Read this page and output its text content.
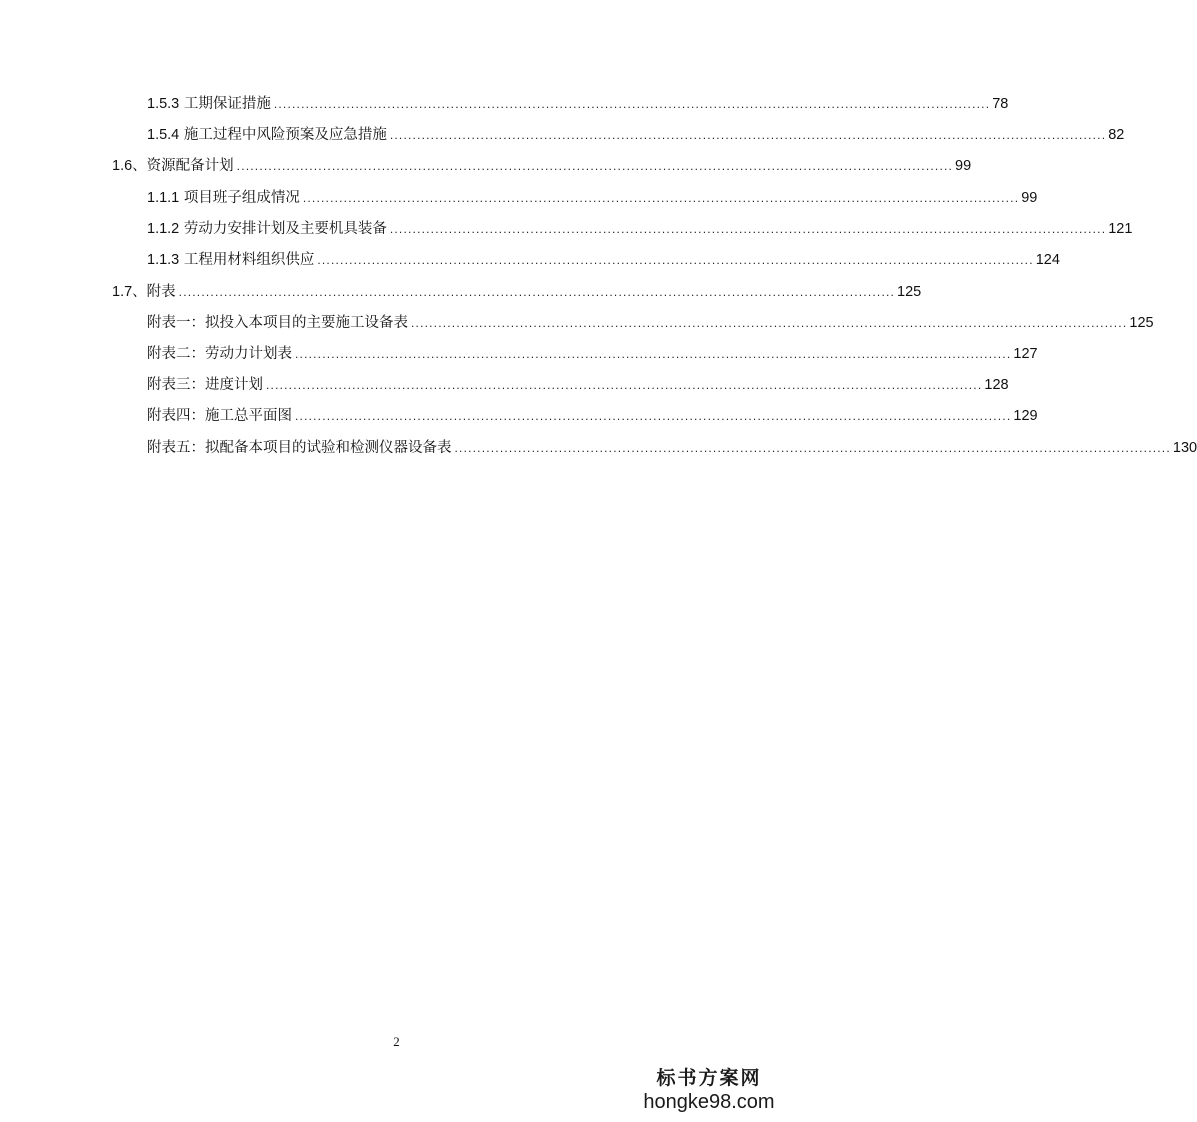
1.5.3 工期保证措施 .............................................................................................................................................................. 78
1.5.4 施工过程中风险预案及应急措施 .............................................................................................................................................................. 82
1.6、资源配备计划 .............................................................................................................................................................. 99
1.1.1 项目班子组成情况 .............................................................................................................................................................. 99
1.1.2 劳动力安排计划及主要机具装备 .............................................................................................................................................................. 121
1.1.3 工程用材料组织供应 .............................................................................................................................................................. 124
1.7、附表 .............................................................................................................................................................. 125
附表一：拟投入本项目的主要施工设备表 .............................................................................................................................................................. 125
附表二：劳动力计划表 .............................................................................................................................................................. 127
附表三：进度计划 .............................................................................................................................................................. 128
附表四：施工总平面图 .............................................................................................................................................................. 129
附表五：拟配备本项目的试验和检测仪器设备表 .............................................................................................................................................................. 130
2
标书方案网
hongke98.com
